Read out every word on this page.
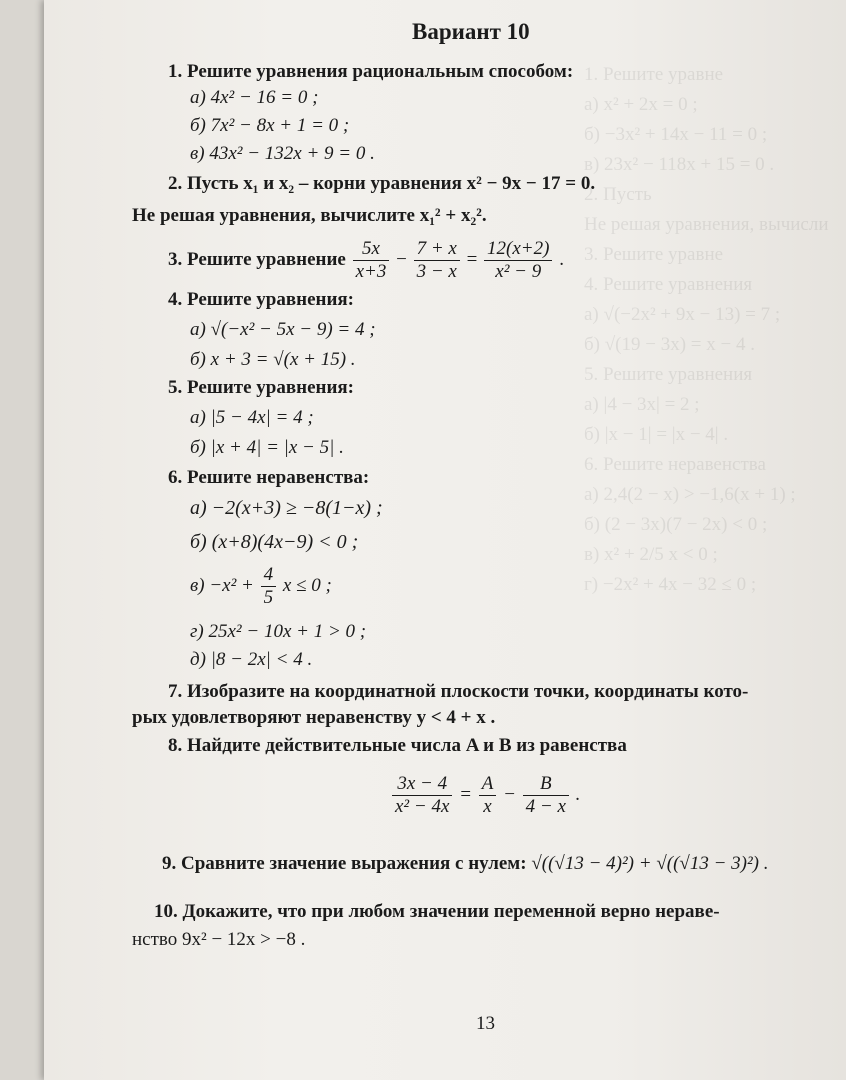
1. Решите уравне
а) x² + 2x = 0 ;
б) −3x² + 14x − 11 = 0 ;
в) 23x² − 118x + 15 = 0 .
2. Пусть
Не решая уравнения, вычисли
3. Решите уравне
4. Решите уравнения
а) √(−2x² + 9x − 13) = 7 ;
б) √(19 − 3x) = x − 4 .
5. Решите уравнения
а) |4 − 3x| = 2 ;
б) |x − 1| = |x − 4| .
6. Решите неравенства
а) 2,4(2 − x) > −1,6(x + 1) ;
б) (2 − 3x)(7 − 2x) < 0 ;
в) x² + 2/5 x < 0 ;
г) −2x² + 4x − 32 ≤ 0 ;
Вариант 10
1. Решите уравнения рациональным способом:
а) 4x² − 16 = 0 ;
б) 7x² − 8x + 1 = 0 ;
в) 43x² − 132x + 9 = 0 .
2. Пусть x₁ и x₂ – корни уравнения x² − 9x − 17 = 0.
Не решая уравнения, вычислите x₁² + x₂².
3. Решите уравнение $\frac{5x}{x+3} - \frac{7 + x}{3 - x} = \frac{12(x+2)}{\text{x² − 9}}$ .
4. Решите уравнения:
а) √(−x² − 5x − 9) = 4 ;
б) x + 3 = √(x + 15) .
5. Решите уравнения:
а) |5 − 4x| = 4 ;
б) |x + 4| = |x − 5| .
6. Решите неравенства:
а) −2(x+3) ≥ −8(1−x) ;
б) (x+8)(4x−9) < 0 ;
$в) -x^2 + \frac{4}{5}$ x ≤ 0 ;
г) 25x² − 10x + 1 > 0 ;
д) |8 − 2x| < 4 .
7. Изобразите на координатной плоскости точки, координаты кото-
рых удовлетворяют неравенству y < 4 + x .
8. Найдите действительные числа A и B из равенства
$\frac{3x - 4}{\text{x² − 4x}} = \frac{A}{x} - \frac{B}{4 - x}$ .
9. Сравните значение выражения с нулем: √((√13 − 4)²) + √((√13 − 3)²) .
10. Докажите, что при любом значении переменной верно нераве-
нство 9x² − 12x > −8 .
13
